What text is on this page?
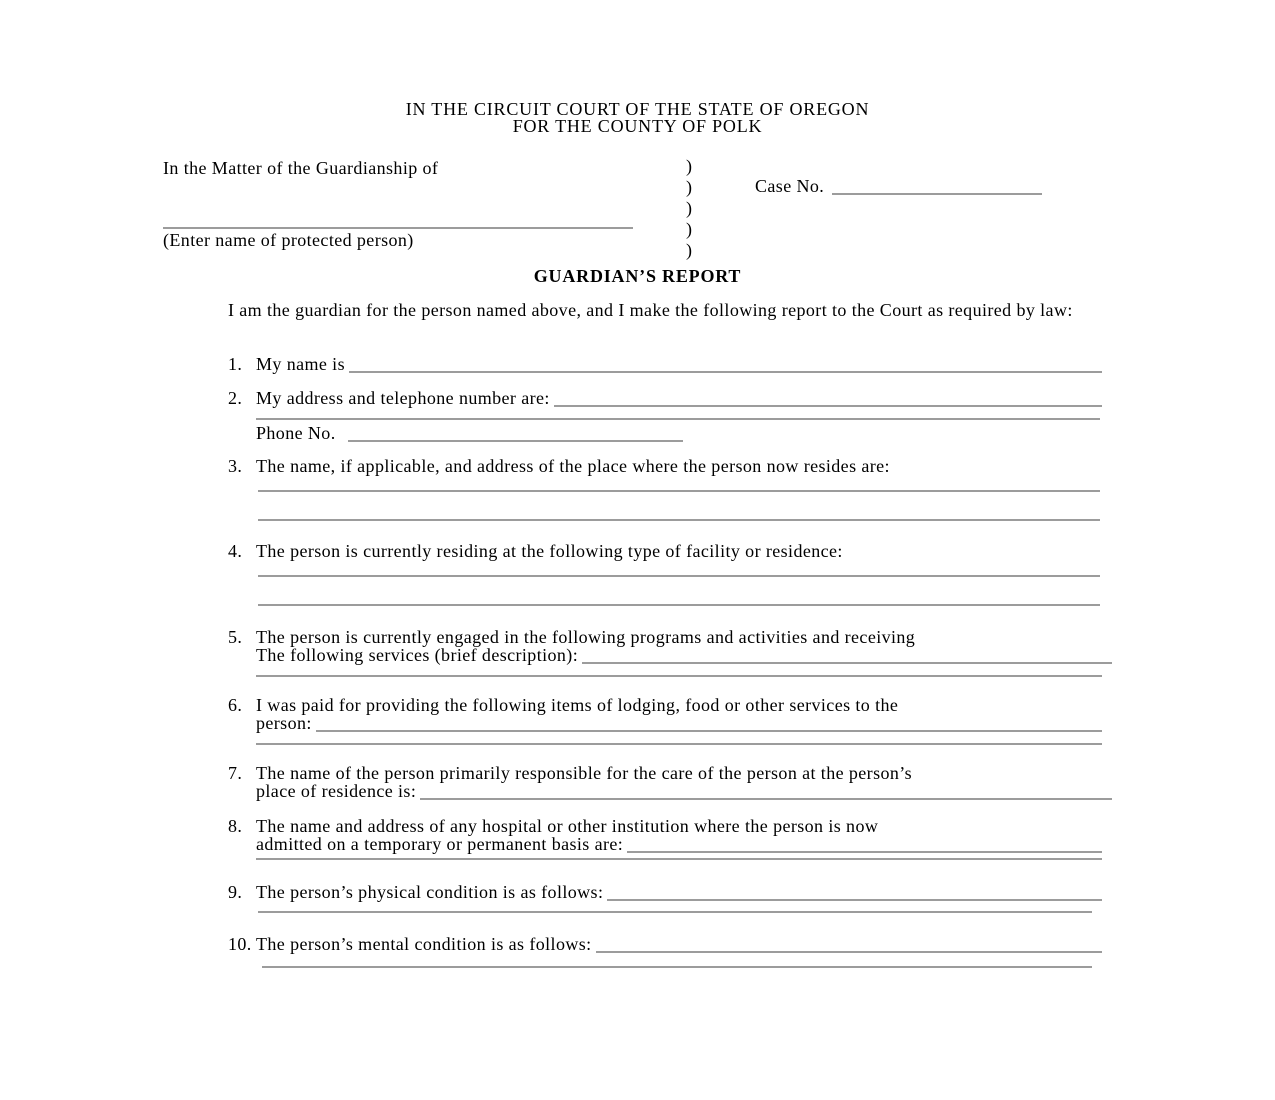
IN THE CIRCUIT COURT OF THE STATE OF OREGON
FOR THE COUNTY OF POLK
In the Matter of the Guardianship of
(Enter name of protected person)
)
)
)
)
)
Case No.
GUARDIAN’S REPORT
I am the guardian for the person named above, and I make the following report to the Court as required by law:
1. My name is
2. My address and telephone number are:
Phone No.
3. The name, if applicable, and address of the place where the person now resides are:
4. The person is currently residing at the following type of facility or residence:
5. The person is currently engaged in the following programs and activities and receiving
The following services (brief description):
6. I was paid for providing the following items of lodging, food or other services to the
person:
7. The name of the person primarily responsible for the care of the person at the person’s
place of residence is:
8. The name and address of any hospital or other institution where the person is now
admitted on a temporary or permanent basis are:
9. The person’s physical condition is as follows:
10. The person’s mental condition is as follows:
